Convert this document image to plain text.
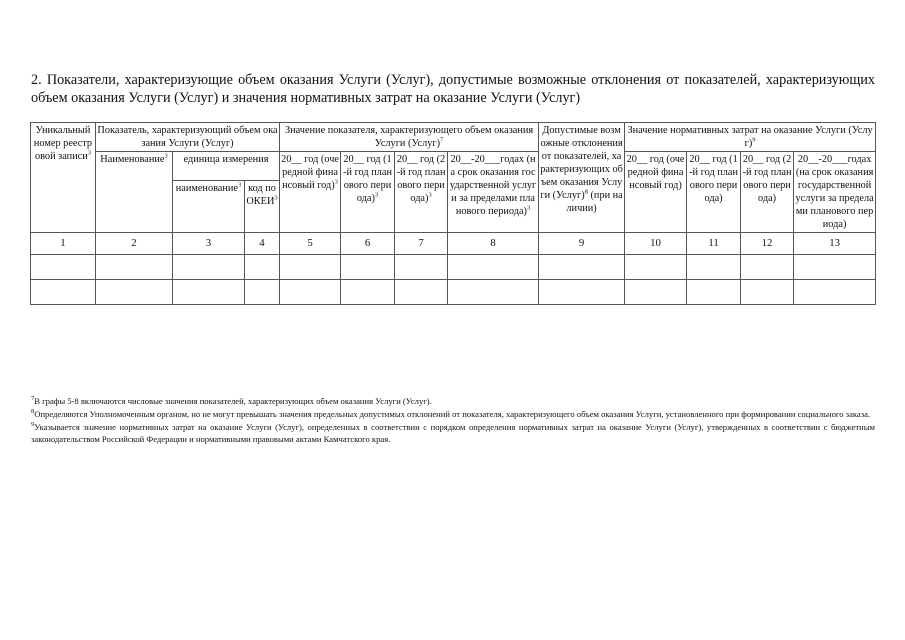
2. Показатели, характеризующие объем оказания Услуги (Услуг), допустимые возможные отклонения от показателей, характеризующих объем оказания Услуги (Услуг) и значения нормативных затрат на оказание Услуги (Услуг)
Уникальный номер реестровой записи$^3$	Показатель, характеризующий объем оказания Услуги (Услуг)			Значение показателя, характеризующего объем оказания Услуги (Услуг)$^7$				Допустимые возможные отклонения от показателей, характеризующих объем оказания Услуги (Услуг)$^8$ (при наличии)	Значение нормативных затрат на оказание Услуги (Услуг)$^9$
	Наименование$^3$	единица измерения		20__ год (очередной финансовый год)$^3$	20__ год (1-й год планового периода)$^3$	20__ год (2-й год планового периода)$^3$	20__-20___годах (на срок оказания государственной услуги за пределами планового периода)$^3$		20__ год (очередной финансовый год)	20__ год (1-й год планового периода)	20__ год (2-й год планового периода)	20__-20___годах (на срок оказания государственной услуги за пределами планового периода)
		наименование$^3$	код по ОКЕИ$^3$
1	2	3	4	5	6	7	8	9	10	11	12	13

$^7$В графы 5-8 включаются числовые значения показателей, характеризующих объем оказания Услуги (Услуг).

$^8$Определяются Уполномоченным органом, но не могут превышать значения предельных допустимых отклонений от показателя, характеризующего объем оказания Услуги, установленного при формировании социального заказа.

$^9$Указывается значение нормативных затрат на оказание Услуги (Услуг), определенных в соответствии с порядком определения нормативных затрат на оказание Услуги (Услуг), утвержденных в соответствии с бюджетным законодательством Российской Федерации и нормативными правовыми актами Камчатского края.
